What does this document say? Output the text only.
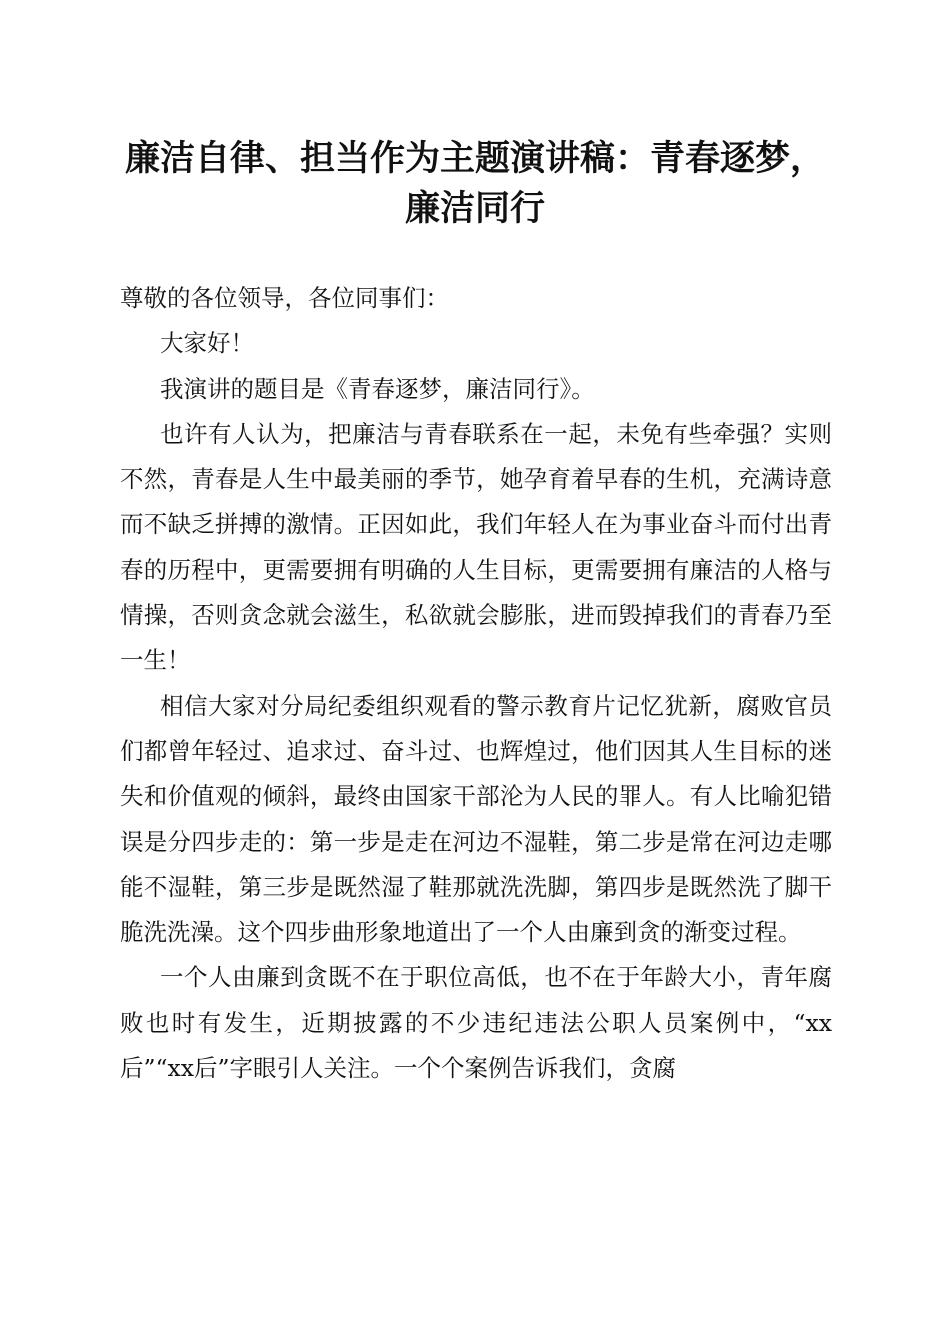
廉洁自律、担当作为主题演讲稿：青春逐梦，
廉洁同行

尊敬的各位领导，各位同事们：

大家好！

我演讲的题目是《青春逐梦，廉洁同行》。

也许有人认为，把廉洁与青春联系在一起，未免有些牵强？实则不然，青春是人生中最美丽的季节，她孕育着早春的生机，充满诗意而不缺乏拼搏的激情。正因如此，我们年轻人在为事业奋斗而付出青春的历程中，更需要拥有明确的人生目标，更需要拥有廉洁的人格与情操，否则贪念就会滋生，私欲就会膨胀，进而毁掉我们的青春乃至一生！

相信大家对分局纪委组织观看的警示教育片记忆犹新，腐败官员们都曾年轻过、追求过、奋斗过、也辉煌过，他们因其人生目标的迷失和价值观的倾斜，最终由国家干部沦为人民的罪人。有人比喻犯错误是分四步走的：第一步是走在河边不湿鞋，第二步是常在河边走哪能不湿鞋，第三步是既然湿了鞋那就洗洗脚，第四步是既然洗了脚干脆洗洗澡。这个四步曲形象地道出了一个人由廉到贪的渐变过程。

一个人由廉到贪既不在于职位高低，也不在于年龄大小，青年腐败也时有发生，近期披露的不少违纪违法公职人员案例中，“xx后”“xx后”字眼引人关注。一个个案例告诉我们，贪腐
